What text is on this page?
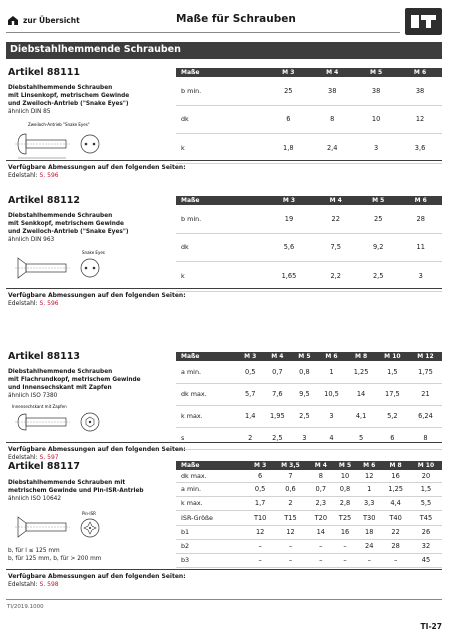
zur Übersicht	Maße für Schrauben
Diebstahlhemmende Schrauben
Artikel 88111
Diebstahlhemmende Schrauben
mit Linsenkopf, metrischem Gewinde
und Zweiloch-Antrieb ("Snake Eyes")
ähnlich DIN 85
Zweiloch-Antrieb "Snake Eyes"
Maße	M 3	M 4	M 5	M 6
b min.	25	38	38	38
dk	6	8	10	12
k	1,8	2,4	3	3,6
Verfügbare Abmessungen auf den folgenden Seiten:
Edelstahl: S. 596
Artikel 88112
Diebstahlhemmende Schrauben
mit Senkkopf, metrischem Gewinde
und Zweiloch-Antrieb ("Snake Eyes")
ähnlich DIN 963
Snake Eyes
Maße	M 3	M 4	M 5	M 6
b min.	19	22	25	28
dk	5,6	7,5	9,2	11
k	1,65	2,2	2,5	3
Verfügbare Abmessungen auf den folgenden Seiten:
Edelstahl: S. 596
Artikel 88113
Diebstahlhemmende Schrauben
mit Flachrundkopf, metrischem Gewinde
und Innensechskant mit Zapfen
ähnlich ISO 7380
Innensechskant mit Zapfen
Maße	M 3	M 4	M 5	M 6	M 8	M 10	M 12
a min.	0,5	0,7	0,8	1	1,25	1,5	1,75
dk max.	5,7	7,6	9,5	10,5	14	17,5	21
k max.	1,4	1,95	2,5	3	4,1	5,2	6,24
s	2	2,5	3	4	5	6	8
Verfügbare Abmessungen auf den folgenden Seiten:
Edelstahl: S. 597
Artikel 88117
Diebstahlhemmende Schrauben mit
metrischem Gewinde und Pin-ISR-Antrieb
ähnlich ISO 10642
Pin-ISR
b, für l ≤ 125 mm
b, für 125 mm, b, für > 200 mm
Maße	M 3	M 3,5	M 4	M 5	M 6	M 8	M 10
dk max.	6	7	8	10	12	16	20
a min.	0,5	0,6	0,7	0,8	1	1,25	1,5
k max.	1,7	2	2,3	2,8	3,3	4,4	5,5
ISR-Größe	T10	T15	T20	T25	T30	T40	T45
b1	12	12	14	16	18	22	26
b2	–	–	–	–	24	28	32
b3	–	–	–	–	–	–	45
Verfügbare Abmessungen auf den folgenden Seiten:
Edelstahl: S. 598
TI/2019.1000
TI-27
